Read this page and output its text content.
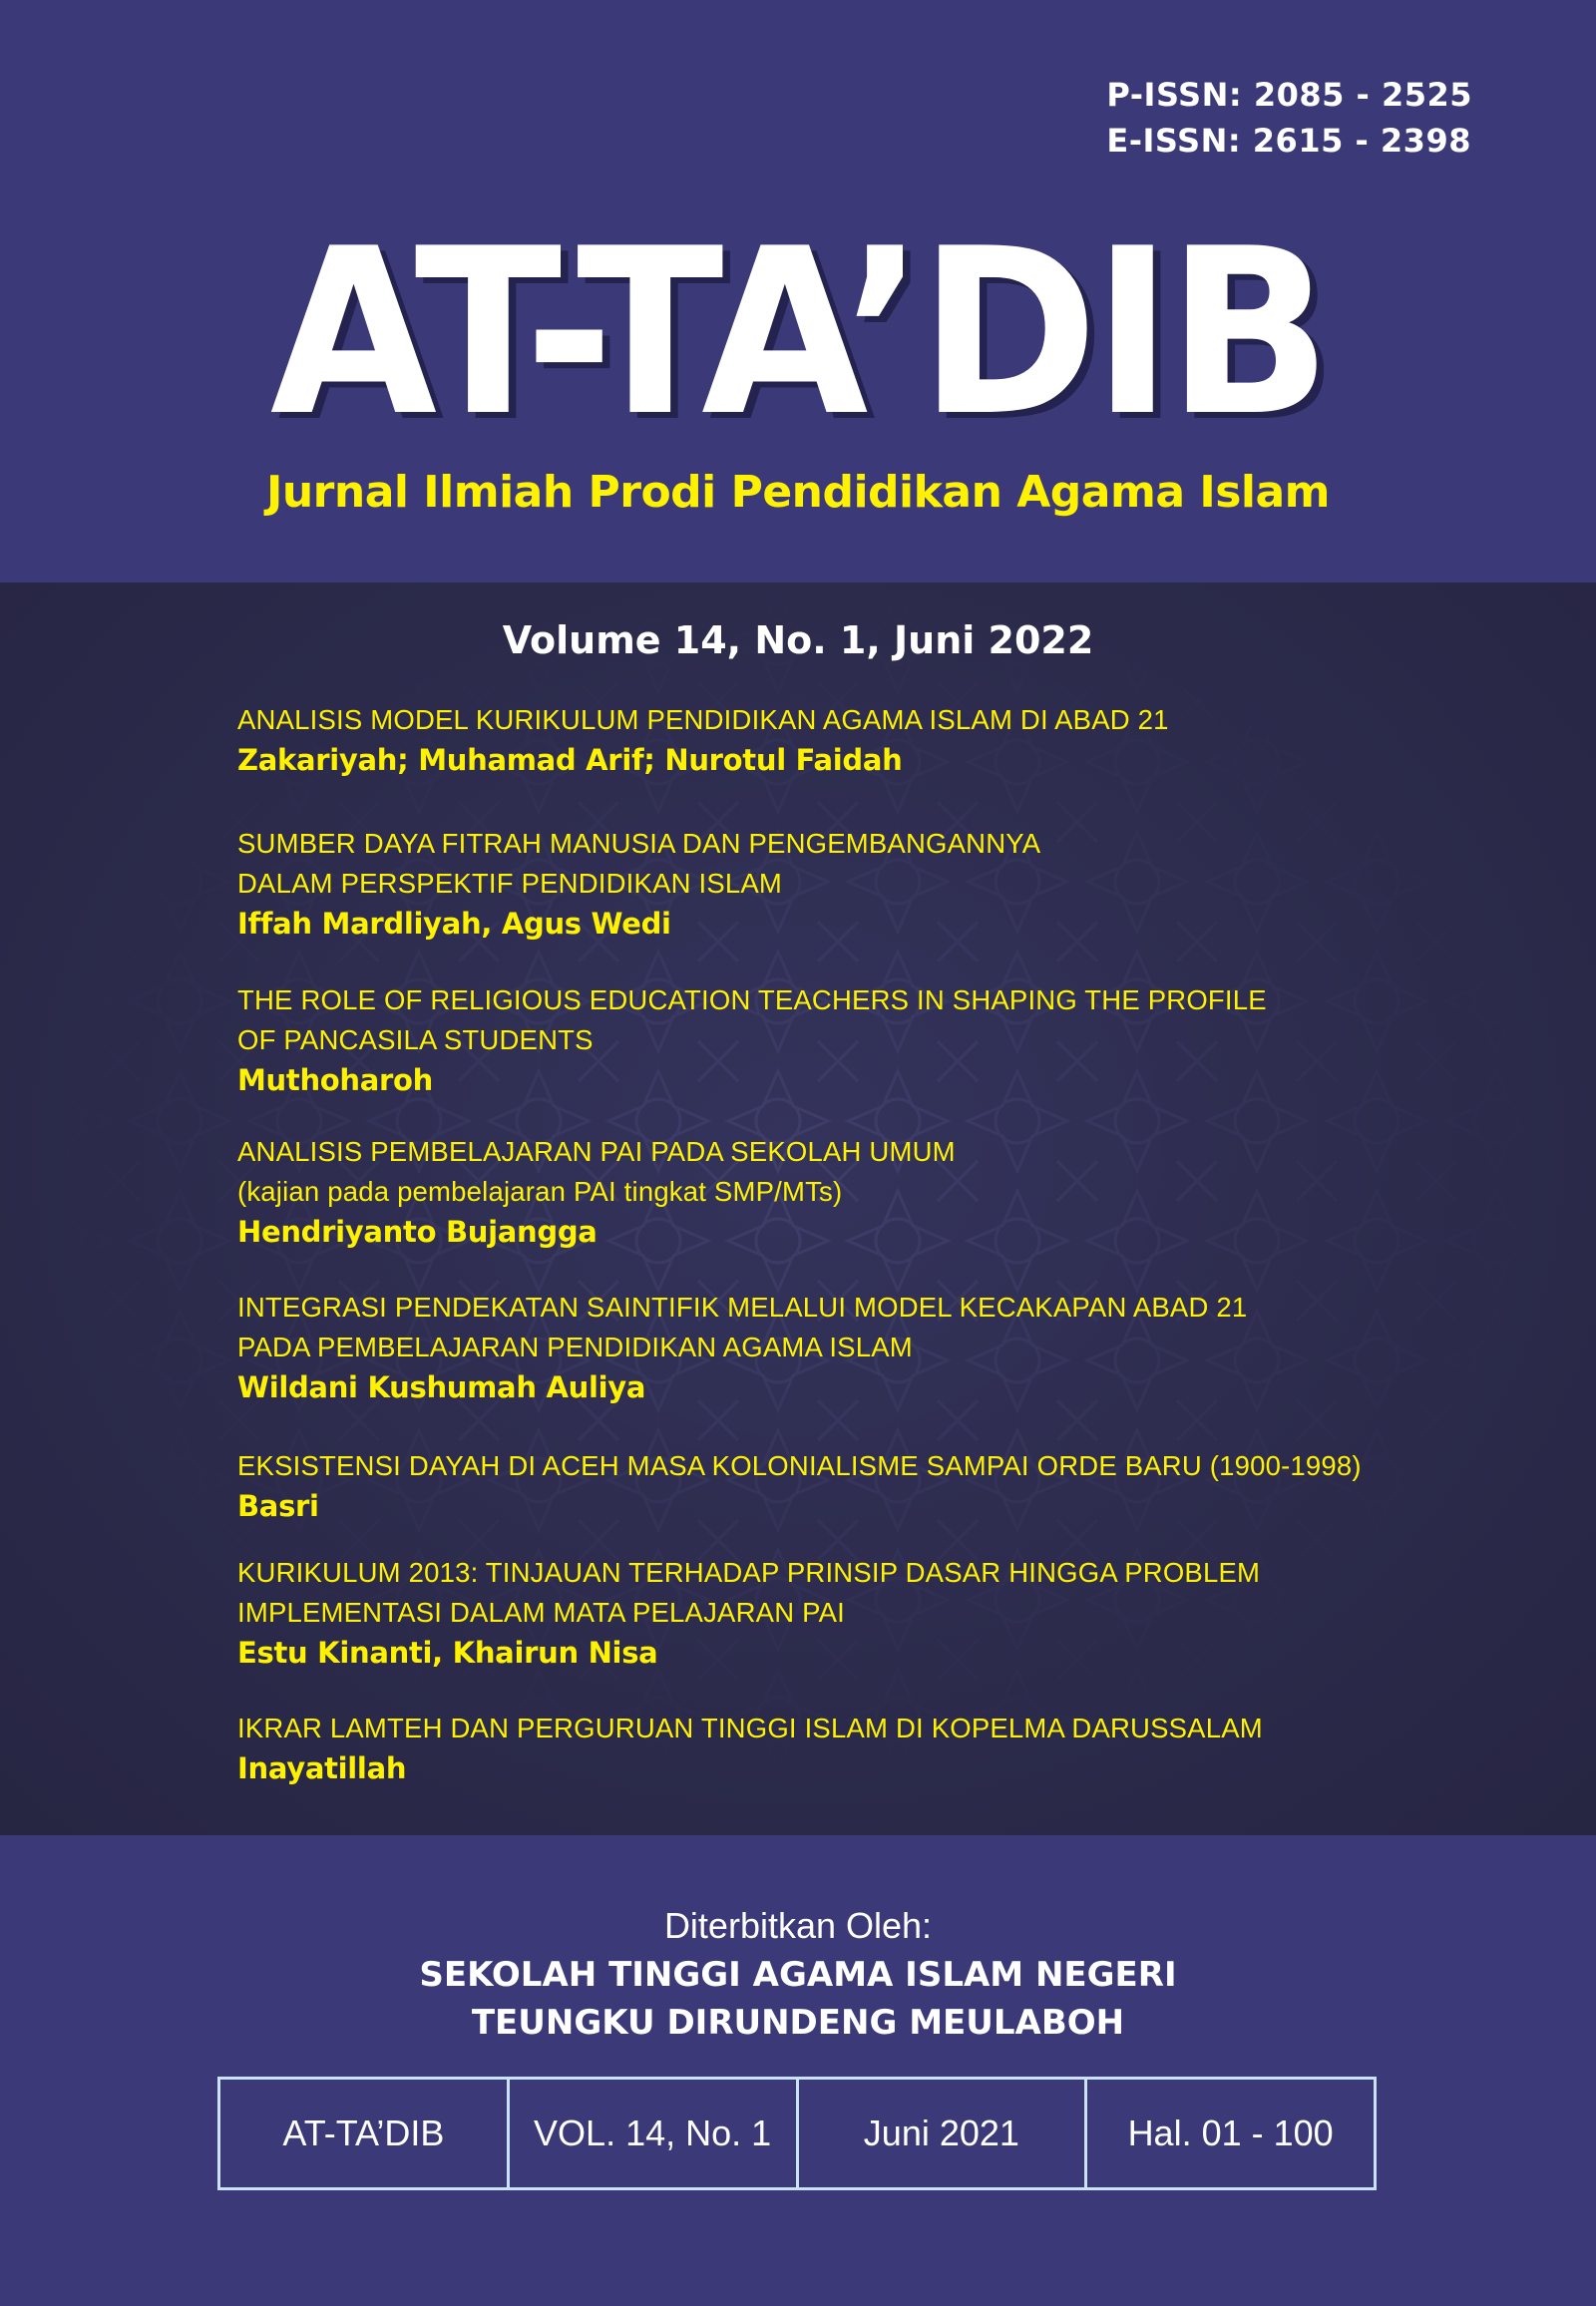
P-ISSN: 2085 - 2525
E-ISSN: 2615 - 2398
AT-TA’DIB
Jurnal Ilmiah Prodi Pendidikan Agama Islam
Volume 14, No. 1, Juni 2022
ANALISIS MODEL KURIKULUM PENDIDIKAN AGAMA ISLAM DI ABAD 21
Zakariyah; Muhamad Arif; Nurotul Faidah
SUMBER DAYA FITRAH MANUSIA DAN PENGEMBANGANNYA
DALAM PERSPEKTIF PENDIDIKAN ISLAM
Iffah Mardliyah, Agus Wedi
THE ROLE OF RELIGIOUS EDUCATION TEACHERS IN SHAPING THE PROFILE
OF PANCASILA STUDENTS
Muthoharoh
ANALISIS PEMBELAJARAN PAI PADA SEKOLAH UMUM
(kajian pada pembelajaran PAI tingkat SMP/MTs)
Hendriyanto Bujangga
INTEGRASI PENDEKATAN SAINTIFIK MELALUI MODEL KECAKAPAN ABAD 21
PADA PEMBELAJARAN PENDIDIKAN AGAMA ISLAM
Wildani Kushumah Auliya
EKSISTENSI DAYAH DI ACEH MASA KOLONIALISME SAMPAI ORDE BARU (1900-1998)
Basri
KURIKULUM 2013: TINJAUAN TERHADAP PRINSIP DASAR HINGGA PROBLEM
IMPLEMENTASI DALAM MATA PELAJARAN PAI
Estu Kinanti, Khairun Nisa
IKRAR LAMTEH DAN PERGURUAN TINGGI ISLAM DI KOPELMA DARUSSALAM
Inayatillah
Diterbitkan Oleh:
SEKOLAH TINGGI AGAMA ISLAM NEGERI
TEUNGKU DIRUNDENG MEULABOH
AT-TA’DIB	VOL. 14, No. 1	Juni 2021	Hal. 01 - 100
